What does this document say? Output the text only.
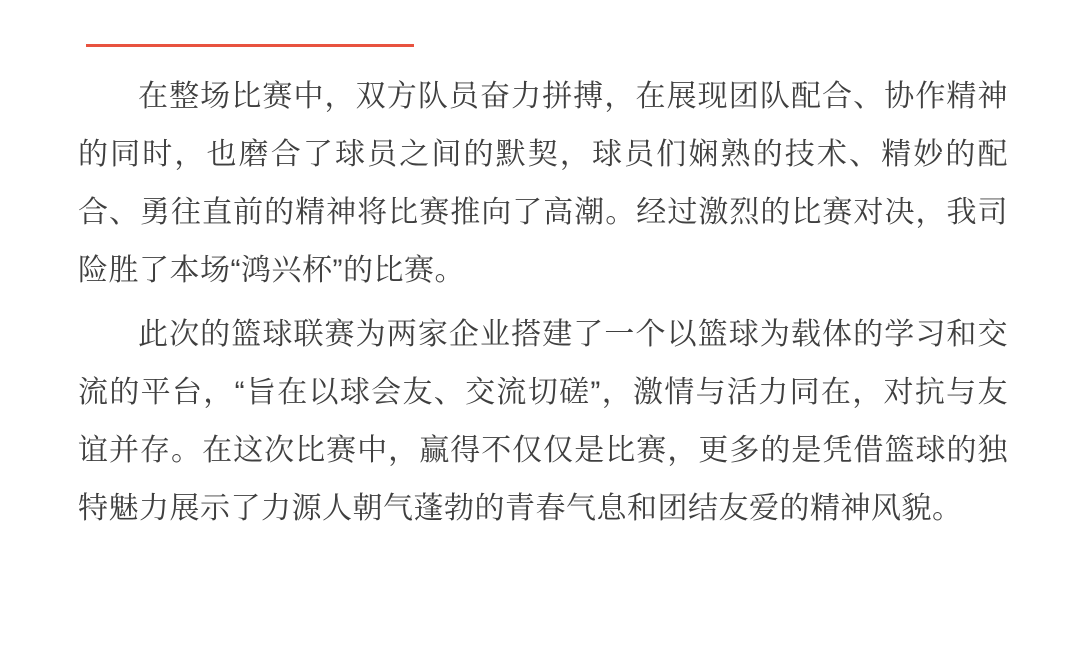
在整场比赛中，双方队员奋力拼搏，在展现团队配合、协作精神的同时，也磨合了球员之间的默契，球员们娴熟的技术、精妙的配合、勇往直前的精神将比赛推向了高潮。经过激烈的比赛对决，我司险胜了本场“鸿兴杯”的比赛。

此次的篮球联赛为两家企业搭建了一个以篮球为载体的学习和交流的平台，“旨在以球会友、交流切磋”，激情与活力同在，对抗与友谊并存。在这次比赛中，赢得不仅仅是比赛，更多的是凭借篮球的独特魅力展示了力源人朝气蓬勃的青春气息和团结友爱的精神风貌。
